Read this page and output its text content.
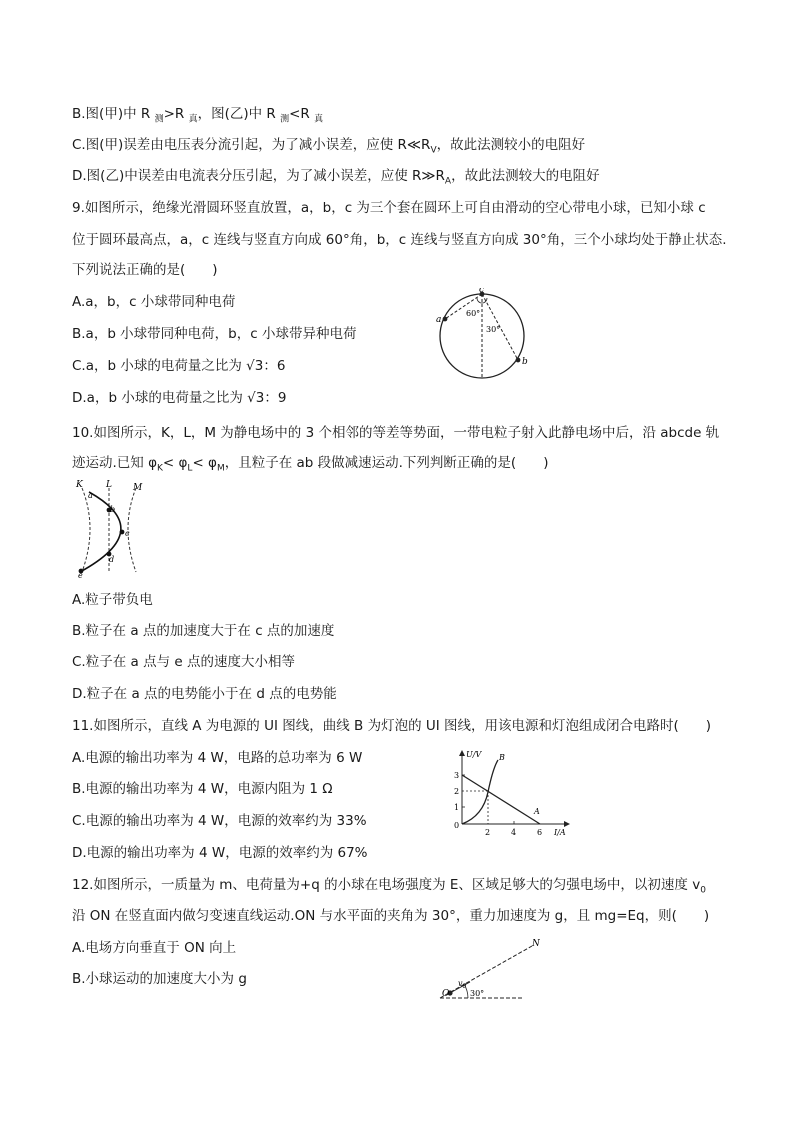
B.图(甲)中 R $_测$>R $_真$，图(乙)中 R $_测$<R $_真$
C.图(甲)误差由电压表分流引起，为了减小误差，应使 $R≪R_V$，故此法测较小的电阻好
D.图(乙)中误差由电流表分压引起，为了减小误差，应使 $R≫R_A$，故此法测较大的电阻好
9.如图所示，绝缘光滑圆环竖直放置，a，b，c 为三个套在圆环上可自由滑动的空心带电小球，已知小球 c
位于圆环最高点，a，c 连线与竖直方向成 60°角，b，c 连线与竖直方向成 30°角，三个小球均处于静止状态.
下列说法正确的是(　　)
A.a，b，c 小球带同种电荷
B.a，b 小球带同种电荷，b，c 小球带异种电荷
C.a，b 小球的电荷量之比为 √3：6
D.a，b 小球的电荷量之比为 √3：9
c
a
b
60°
30°
10.如图所示，K，L，M 为静电场中的 3 个相邻的等差等势面，一带电粒子射入此静电场中后，沿 abcde 轨
迹运动.已知 $\varphi_K< \varphi_L< \varphi_M$，且粒子在 ab 段做减速运动.下列判断正确的是(　　)
K	L M
a
b
c
d
e
A.粒子带负电
B.粒子在 a 点的加速度大于在 c 点的加速度
C.粒子在 a 点与 e 点的速度大小相等
D.粒子在 a 点的电势能小于在 d 点的电势能
11.如图所示，直线 A 为电源的 UI 图线，曲线 B 为灯泡的 UI 图线，用该电源和灯泡组成闭合电路时(　　)
A.电源的输出功率为 4 W，电路的总功率为 6 W
B.电源的输出功率为 4 W，电源内阻为 1 Ω
C.电源的输出功率为 4 W，电源的效率约为 33%
D.电源的输出功率为 4 W，电源的效率约为 67%
U/V
I/A
B
A
0
1
2
3
2	4	6
12.如图所示，一质量为 m、电荷量为+q 的小球在电场强度为 E、区域足够大的匀强电场中，以初速度 $v_0$
沿 ON 在竖直面内做匀变速直线运动.ON 与水平面的夹角为 30°，重力加速度为 g，且 mg=Eq，则(　　)
A.电场方向垂直于 ON 向上
B.小球运动的加速度大小为 g
N
O
$v_0$
30°
